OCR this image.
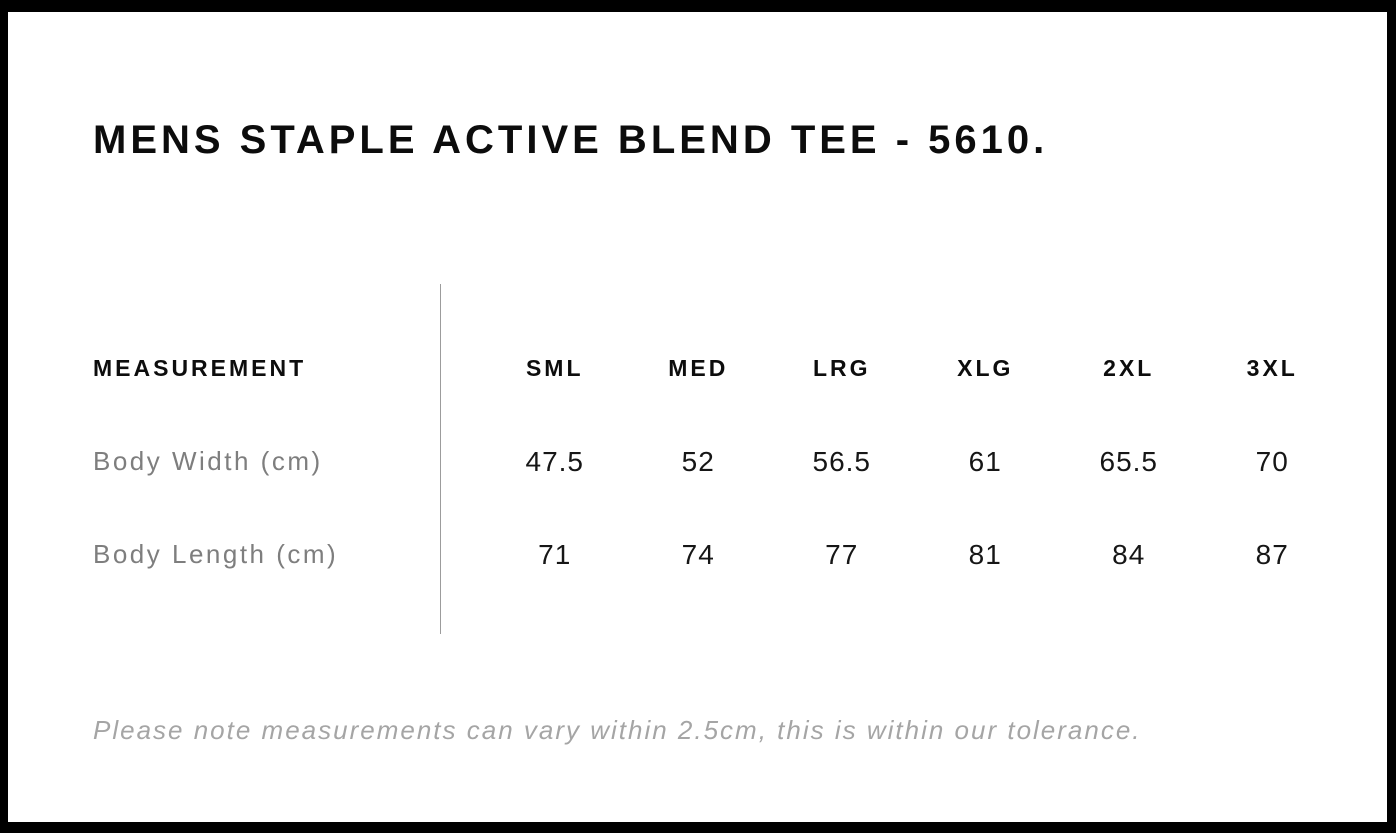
MENS STAPLE ACTIVE BLEND TEE - 5610.
MEASUREMENT	SML	MED	LRG	XLG	2XL	3XL
Body Width (cm)	47.5	52	56.5	61	65.5	70
Body Length (cm)	71	74	77	81	84	87

Please note measurements can vary within 2.5cm, this is within our tolerance.
